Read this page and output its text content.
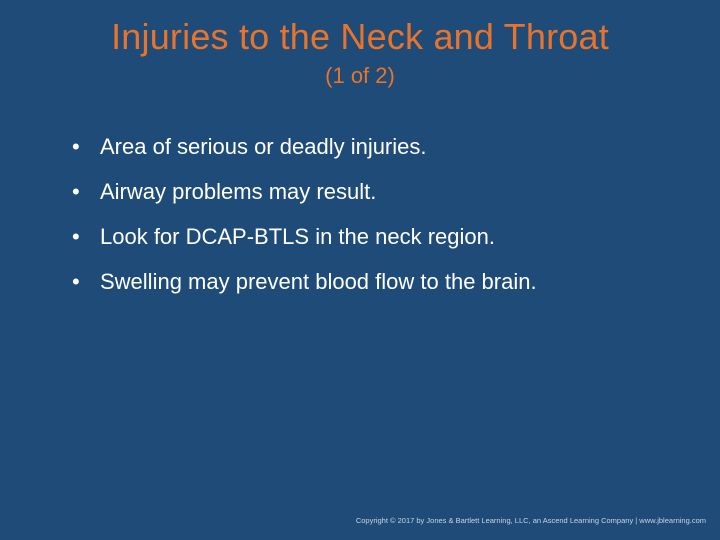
Injuries to the Neck and Throat
(1 of 2)
• Area of serious or deadly injuries.
• Airway problems may result.
• Look for DCAP-BTLS in the neck region.
• Swelling may prevent blood flow to the brain.
Copyright © 2017 by Jones & Bartlett Learning, LLC, an Ascend Learning Company | www.jblearning.com
